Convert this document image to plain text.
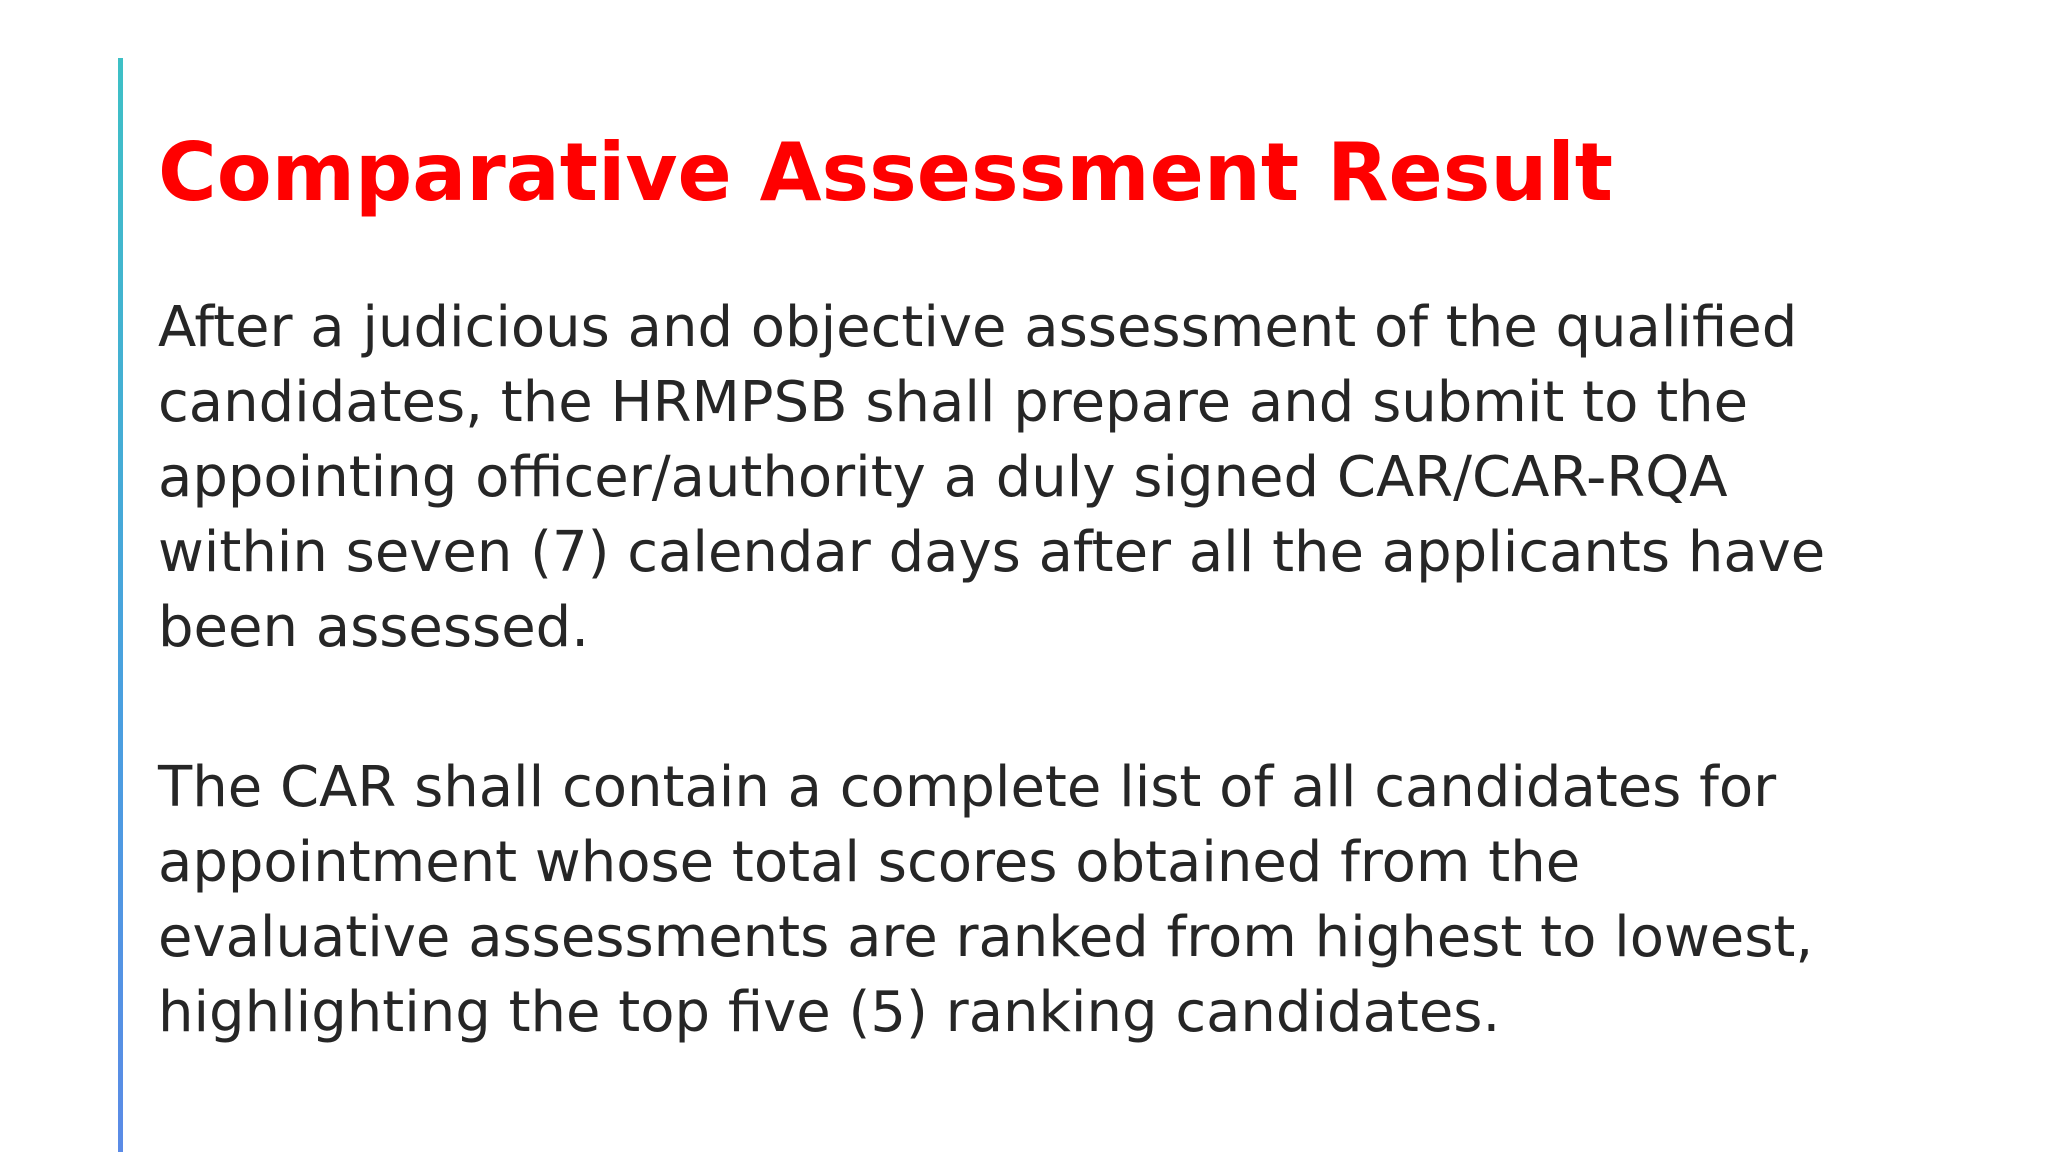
Comparative Assessment Result

After a judicious and objective assessment of the qualified
candidates, the HRMPSB shall prepare and submit to the
appointing officer/authority a duly signed CAR/CAR-RQA
within seven (7) calendar days after all the applicants have
been assessed.

The CAR shall contain a complete list of all candidates for
appointment whose total scores obtained from the
evaluative assessments are ranked from highest to lowest,
highlighting the top five (5) ranking candidates.
